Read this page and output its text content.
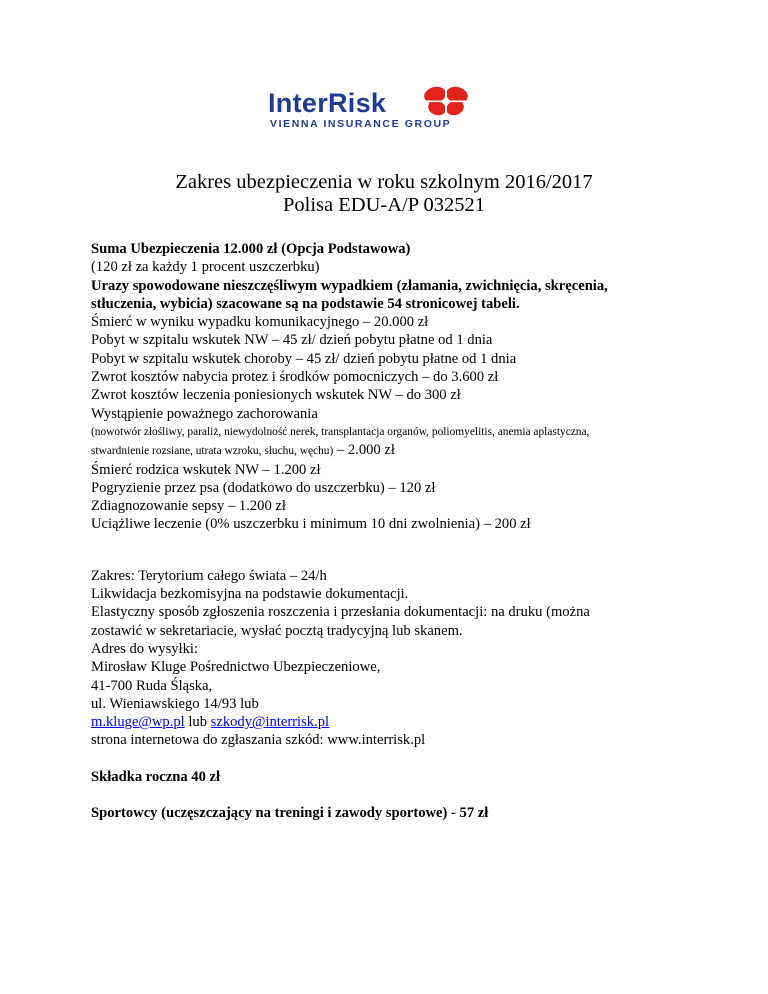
InterRisk
VIENNA INSURANCE GROUP
Zakres ubezpieczenia w roku szkolnym 2016/2017
Polisa EDU-A/P 032521

Suma Ubezpieczenia 12.000 zł (Opcja Podstawowa)

(120 zł za każdy 1 procent uszczerbku)

Urazy spowodowane nieszczęśliwym wypadkiem (złamania, zwichnięcia, skręcenia,

stłuczenia, wybicia) szacowane są na podstawie 54 stronicowej tabeli.

Śmierć w wyniku wypadku komunikacyjnego – 20.000 zł

Pobyt w szpitalu wskutek NW – 45 zł/ dzień pobytu płatne od 1 dnia

Pobyt w szpitalu wskutek choroby – 45 zł/ dzień pobytu płatne od 1 dnia

Zwrot kosztów nabycia protez i środków pomocniczych – do 3.600 zł

Zwrot kosztów leczenia poniesionych wskutek NW – do 300 zł

Wystąpienie poważnego zachorowania

(nowotwór złośliwy, paraliż, niewydolność nerek, transplantacja organów, poliomyelitis, anemia aplastyczna,

stwardnienie rozsiane, utrata wzroku, słuchu, węchu) – 2.000 zł

Śmierć rodzica wskutek NW – 1.200 zł

Pogryzienie przez psa (dodatkowo do uszczerbku) – 120 zł

Zdiagnozowanie sepsy – 1.200 zł

Uciążliwe leczenie (0% uszczerbku i minimum 10 dni zwolnienia) – 200 zł

Zakres: Terytorium całego świata – 24/h

Likwidacja bezkomisyjna na podstawie dokumentacji.

Elastyczny sposób zgłoszenia roszczenia i przesłania dokumentacji: na druku (można

zostawić w sekretariacie, wysłać pocztą tradycyjną lub skanem.

Adres do wysyłki:

Mirosław Kluge Pośrednictwo Ubezpieczeniowe,

41-700 Ruda Śląska,

ul. Wieniawskiego 14/93 lub

m.kluge@wp.pl lub szkody@interrisk.pl

strona internetowa do zgłaszania szkód: www.interrisk.pl

Składka roczna 40 zł

Sportowcy (uczęszczający na treningi i zawody sportowe) - 57 zł
